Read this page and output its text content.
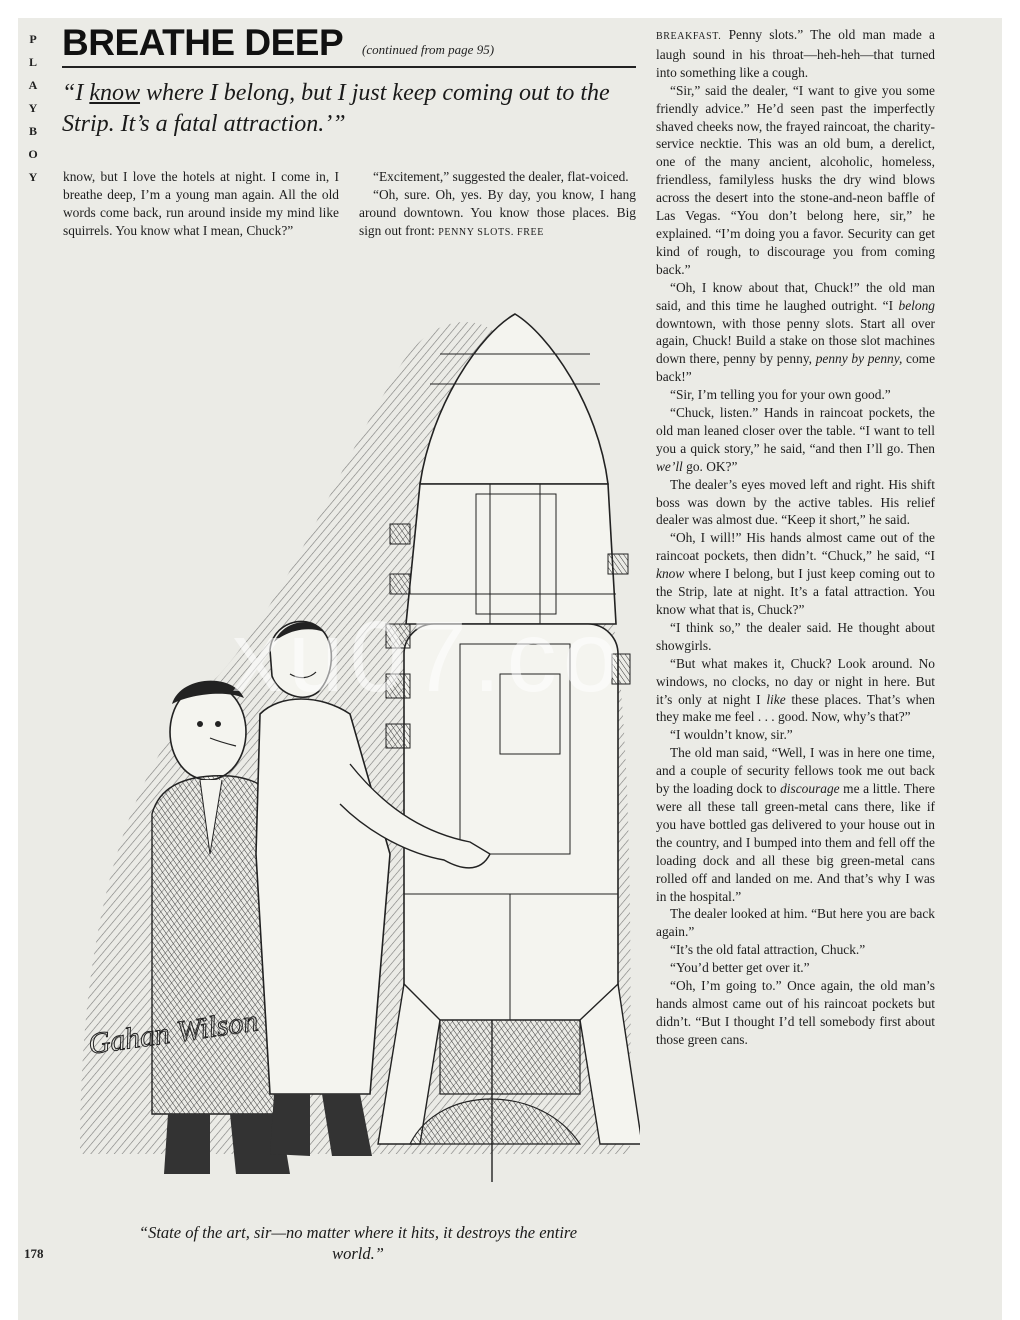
P
L
A
Y
B
O
Y
BREATHE DEEP (continued from page 95)
“I know where I belong, but I just keep coming out to the Strip. It’s a fatal attraction.’”

know, but I love the hotels at night. I come in, I breathe deep, I’m a young man again. All the old words come back, run around inside my mind like squirrels. You know what I mean, Chuck?”

“Excitement,” suggested the dealer, flat-voiced.

“Oh, sure. Oh, yes. By day, you know, I hang around downtown. You know those places. Big sign out front: PENNY SLOTS. FREE

BREAKFAST. Penny slots.” The old man made a laugh sound in his throat—heh-heh—that turned into something like a cough.

“Sir,” said the dealer, “I want to give you some friendly advice.” He’d seen past the imperfectly shaved cheeks now, the frayed raincoat, the charity-service necktie. This was an old bum, a derelict, one of the many ancient, alcoholic, homeless, friendless, familyless husks the dry wind blows across the desert into the stone-and-neon baffle of Las Vegas. “You don’t belong here, sir,” he explained. “I’m doing you a favor. Security can get kind of rough, to discourage you from coming back.”

“Oh, I know about that, Chuck!” the old man said, and this time he laughed outright. “I belong downtown, with those penny slots. Start all over again, Chuck! Build a stake on those slot machines down there, penny by penny, penny by penny, come back!”

“Sir, I’m telling you for your own good.”

“Chuck, listen.” Hands in raincoat pockets, the old man leaned closer over the table. “I want to tell you a quick story,” he said, “and then I’ll go. Then we’ll go. OK?”

The dealer’s eyes moved left and right. His shift boss was down by the active tables. His relief dealer was almost due. “Keep it short,” he said.

“Oh, I will!” His hands almost came out of the raincoat pockets, then didn’t. “Chuck,” he said, “I know where I belong, but I just keep coming out to the Strip, late at night. It’s a fatal attraction. You know what that is, Chuck?”

“I think so,” the dealer said. He thought about showgirls.

“But what makes it, Chuck? Look around. No windows, no clocks, no day or night in here. But it’s only at night I like these places. That’s when they make me feel . . . good. Now, why’s that?”

“I wouldn’t know, sir.”

The old man said, “Well, I was in here one time, and a couple of security fellows took me out back by the loading dock to discourage me a little. There were all these tall green-metal cans there, like if you have bottled gas delivered to your house out in the country, and I bumped into them and fell off the loading dock and all these big green-metal cans rolled off and landed on me. And that’s why I was in the hospital.”

The dealer looked at him. “But here you are back again.”

“It’s the old fatal attraction, Chuck.”

“You’d better get over it.”

“Oh, I’m going to.” Once again, the old man’s hands almost came out of his raincoat pockets but didn’t. “But I thought I’d tell somebody first about those green cans.

Gahan Wilson
xu07.co
“State of the art, sir—no matter where it hits, it destroys the entire world.”
178
